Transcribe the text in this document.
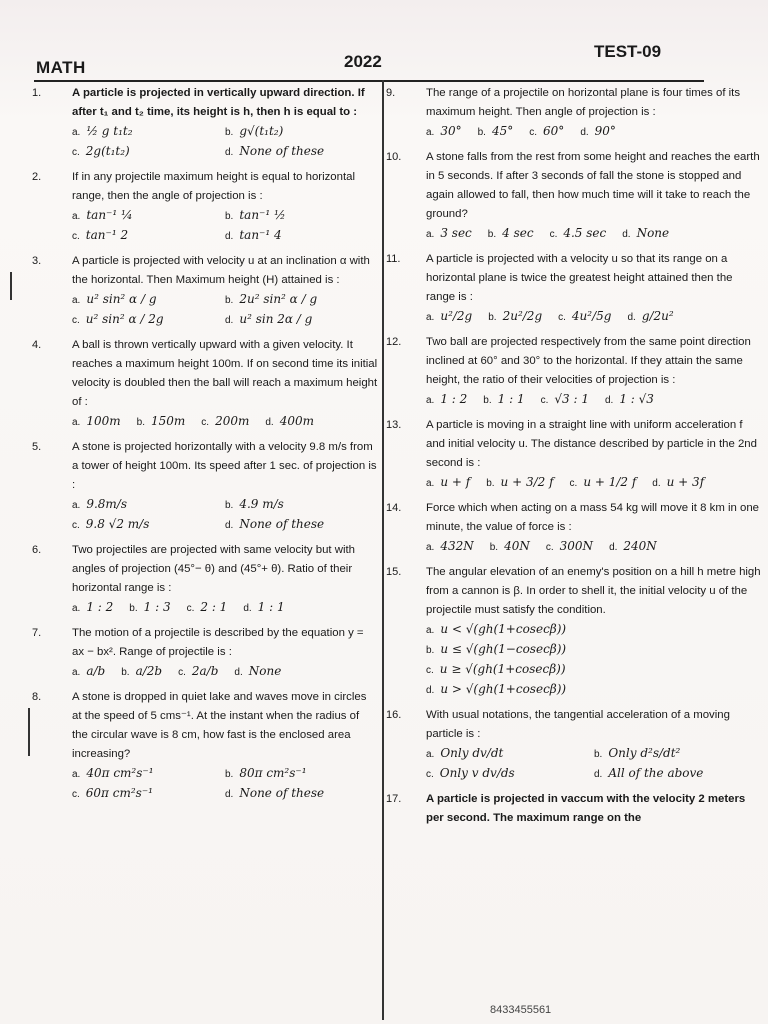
MATH	2022
TEST-09
1.	A particle is projected in vertically upward direction. If after t₁ and t₂ time, its height is h, then h is equal to :
a. ½ g t₁t₂	b. g√(t₁t₂)
c. 2g(t₁t₂)	d. None of these
2.	If in any projectile maximum height is equal to horizontal range, then the angle of projection is :
a. tan⁻¹ ¼	b. tan⁻¹ ½
c. tan⁻¹ 2	d. tan⁻¹ 4
3.	A particle is projected with velocity u at an inclination α with the horizontal. Then Maximum height (H) attained is :
a. u² sin² α / g	b. 2u² sin² α / g
c. u² sin² α / 2g	d. u² sin 2α / g
4.	A ball is thrown vertically upward with a given velocity. It reaches a maximum height 100m. If on second time its initial velocity is doubled then the ball will reach a maximum height of :
a. 100m b. 150m c. 200m d. 400m
5.	A stone is projected horizontally with a velocity 9.8 m/s from a tower of height 100m. Its speed after 1 sec. of projection is :
a. 9.8m/s	b. 4.9 m/s
c. 9.8 √2 m/s	d. None of these
6.	Two projectiles are projected with same velocity but with angles of projection (45°− θ) and (45°+ θ). Ratio of their horizontal range is :
a. 1 : 2 b. 1 : 3 c. 2 : 1 d. 1 : 1
7.	The motion of a projectile is described by the equation y = ax − bx². Range of projectile is :
a. a/b b. a/2b c. 2a/b d. None
8.	A stone is dropped in quiet lake and waves move in circles at the speed of 5 cms⁻¹. At the instant when the radius of the circular wave is 8 cm, how fast is the enclosed area increasing?
a. 40π cm²s⁻¹	b. 80π cm²s⁻¹
c. 60π cm²s⁻¹	d. None of these
9.	The range of a projectile on horizontal plane is four times of its maximum height. Then angle of projection is :
a. 30° b. 45° c. 60° d. 90°
10. A stone falls from the rest from some height and reaches the earth in 5 seconds. If after 3 seconds of fall the stone is stopped and again allowed to fall, then how much time will it take to reach the ground?
a. 3 sec b. 4 sec c. 4.5 sec d. None
11. A particle is projected with a velocity u so that its range on a horizontal plane is twice the greatest height attained then the range is :
a. u²/2g b. 2u²/2g c. 4u²/5g d. g/2u²
12. Two ball are projected respectively from the same point direction inclined at 60° and 30° to the horizontal. If they attain the same height, the ratio of their velocities of projection is :
a. 1 : 2 b. 1 : 1 c. √3 : 1 d. 1 : √3
13. A particle is moving in a straight line with uniform acceleration f and initial velocity u. The distance described by particle in the 2nd second is :
a. u + f b. u + 3/2 f c. u + 1/2 f d. u + 3f
14. Force which when acting on a mass 54 kg will move it 8 km in one minute, the value of force is :
a. 432N b. 40N c. 300N d. 240N
15. The angular elevation of an enemy's position on a hill h metre high from a cannon is β. In order to shell it, the initial velocity u of the projectile must satisfy the condition.
a. u < √(gh(1+cosecβ))
b. u ≤ √(gh(1−cosecβ))
c. u ≥ √(gh(1+cosecβ))
d. u > √(gh(1+cosecβ))
16. With usual notations, the tangential acceleration of a moving particle is :
a. Only dv/dt	b. Only d²s/dt²
c. Only v dv/ds	d. All of the above
17. A particle is projected in vaccum with the velocity 2 meters per second. The maximum range on the
8433455561
